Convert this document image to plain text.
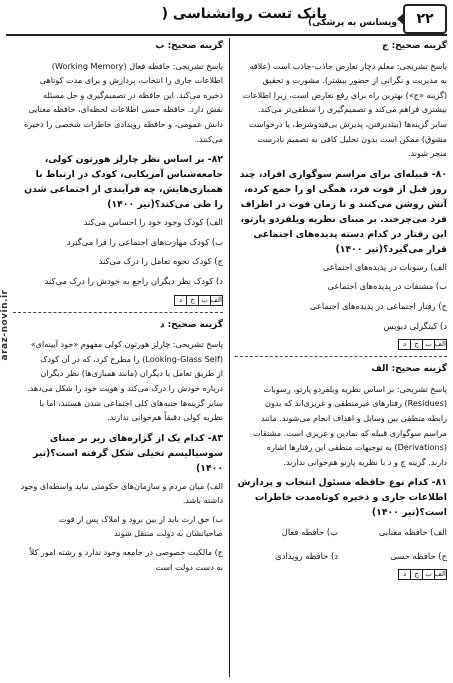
۲۲
بانک تست روانشناسی (
ویسانس به پزشکی)
araz-novin.ir
گزینه صحیح: ج
پاسخ تشریحی: معلم دچار تعارض جاذب-جاذب است (علاقه
به مدیریت و نگرانی از حضور بیشتر). مشورت و تحقیق
(گزینه «ج») بهترین راه برای رفع تعارض است، زیرا اطلاعات
بیشتری فراهم می‌کند و تصمیم‌گیری را منطقی‌تر می‌کند.
سایر گزینه‌ها (بیثدیرفتن، پذیرش بی‌قیدوشرط، یا درخواست
مشوق) ممکن است بدون تحلیل کافی به تصمیم نادرست
منجر شوند.
۸۰- قبیله‌ای برای مراسم سوگواری افراد، چند
روز قبل از فوت فرد، همگی او را جمع کرده،
آتش روشن می‌کنند و تا زمان فوت در اطراف
فرد می‌چرخند. بر مبنای نظریه ویلفردو پارتو،
این رفتار در کدام دسته پدیده‌های اجتماعی
قرار می‌گیرد؟(تیر ۱۴۰۰)
الف) رسوبات در پدیده‌های اجتماعی
ب) مشتقات در پدیده‌های اجتماعی
ج) رفتار اجتماعی در پدیده‌های اجتماعی
د) کینگزلی دیویس
الف
ب
ج
د
گزینه صحیح: الف
پاسخ تشریحی: بر اساس نظریه ویلفردو پارتو، رسوبات
(Residues) رفتارهای غیرمنطقی و غریزی‌اند که بدون
رابطه منطقی بین وسایل و اهداف انجام می‌شوند. مانند
مراسم سوگواری قبیله که نمادین و غریزی است. مشتقات
(Derivations) به توجیهات منطقی این رفتارها اشاره
دارند. گزینه ج و د با نظریه پارتو هم‌خوانی ندارند.
۸۱- کدام نوع حافظه مسئول انتخاب و پردازش
اطلاعات جاری و ذخیره کوتاه‌مدت خاطرات
است؟(تیر ۱۴۰۰)
الف) حافظه معنایی
ب) حافظه فعال
ج) حافظه حسی
د) حافظه رویدادی
الف
ب
ج
د
گزینه صحیح: ب
پاسخ تشریحی: حافظه فعال (Working Memory)
اطلاعات جاری را انتخاب، پردازش و برای مدت کوتاهی
ذخیره می‌کند. این حافظه در تصمیم‌گیری و حل مسئله
نقش دارد. حافظه حسی اطلاعات لحظه‌ای، حافظه معنایی
دانش عمومی، و حافظه رویدادی خاطرات شخصی را ذخیره
می‌کنند.
۸۲- بر اساس نظر چارلز هورتون کولی،
جامعه‌شناس آمریکایی، کودک در ارتباط با
همبازی‌هایش، چه فرآیندی از اجتماعی شدن
را طی می‌کند؟(تیر ۱۴۰۰)
الف) کودک وجود خود را احساس می‌کند
ب) کودک مهارت‌های اجتماعی را فرا می‌گیرد
ج) کودک نحوه تعامل را درک می‌کند
د) کودک نظر دیگران راجع به خودش را درک می‌کند
الف
ب
ج
د
گزینه صحیح: د
پاسخ تشریحی: چارلز هورتون کولی مفهوم «خود آیینه‌ای»
(Looking-Glass Self) را مطرح کرد، که در آن کودک
از طریق تعامل با دیگران (مانند همبازی‌ها) نظر دیگران
درباره خودش را درک می‌کند و هویت خود را شکل می‌دهد.
سایر گزینه‌ها جنبه‌های کلی اجتماعی شدن هستند، اما با
نظریه کولی دقیقاً هم‌خوانی ندارند.
۸۳- کدام یک از گزاره‌های زیر بر مبنای
سوسیالیسم تخیلی شکل گرفته است؟(تیر
۱۴۰۰)
الف) میان مردم و سازمان‌های حکومتی نباید واسطه‌ای وجود
داشته باشد.
ب) حق ارث باید از بین برود و املاک پس از فوت
صاحبانشان به دولت منتقل شوند
ج) مالکیت خصوصی در جامعه وجود ندارد و رشته امور کلاً
به دست دولت است
